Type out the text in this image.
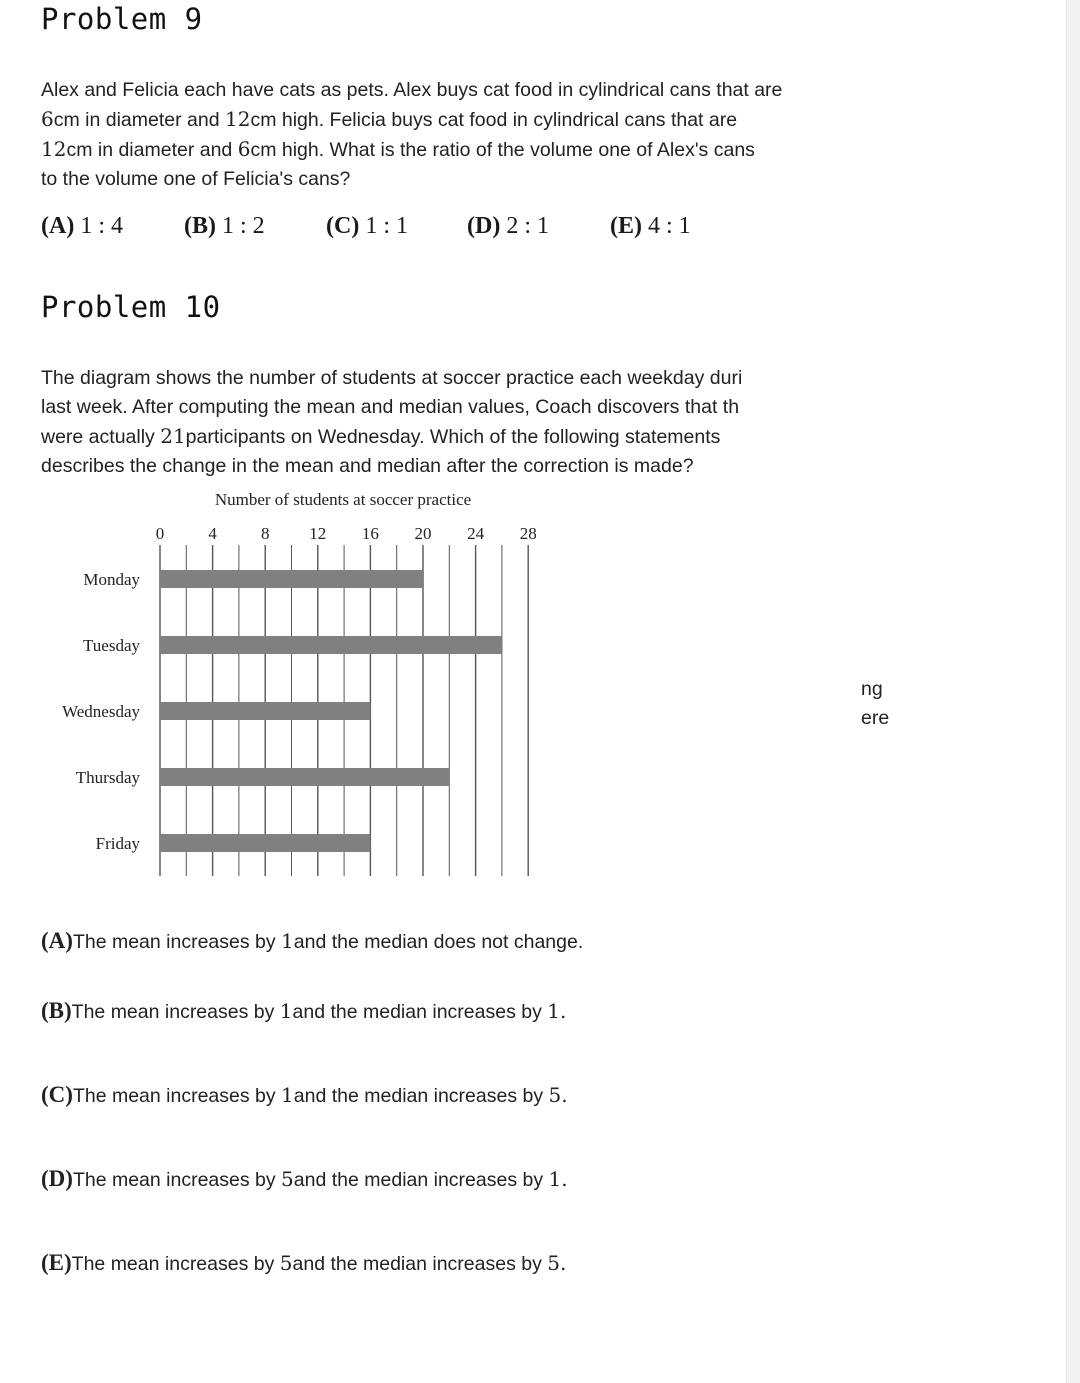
Problem 9
Alex and Felicia each have cats as pets. Alex buys cat food in cylindrical cans that are
6cm in diameter and 12cm high. Felicia buys cat food in cylindrical cans that are
12cm in diameter and 6cm high. What is the ratio of the volume one of Alex's cans
to the volume one of Felicia's cans?
(A) 1 : 4	(B) 1 : 2	(C) 1 : 1 (D) 2 : 1	(E) 4 : 1
Problem 10
The diagram shows the number of students at soccer practice each weekday duri
last week. After computing the mean and median values, Coach discovers that th
were actually 21participants on Wednesday. Which of the following statements
describes the change in the mean and median after the correction is made?
ng
ere
Number of students at soccer practice
0	4	8 12 16 20 24 28
Monday
Tuesday
Wednesday
Thursday
Friday
(A)The mean increases by 1and the median does not change.
(B)The mean increases by 1and the median increases by 1.
(C)The mean increases by 1and the median increases by 5.
(D)The mean increases by 5and the median increases by 1.
(E)The mean increases by 5and the median increases by 5.
